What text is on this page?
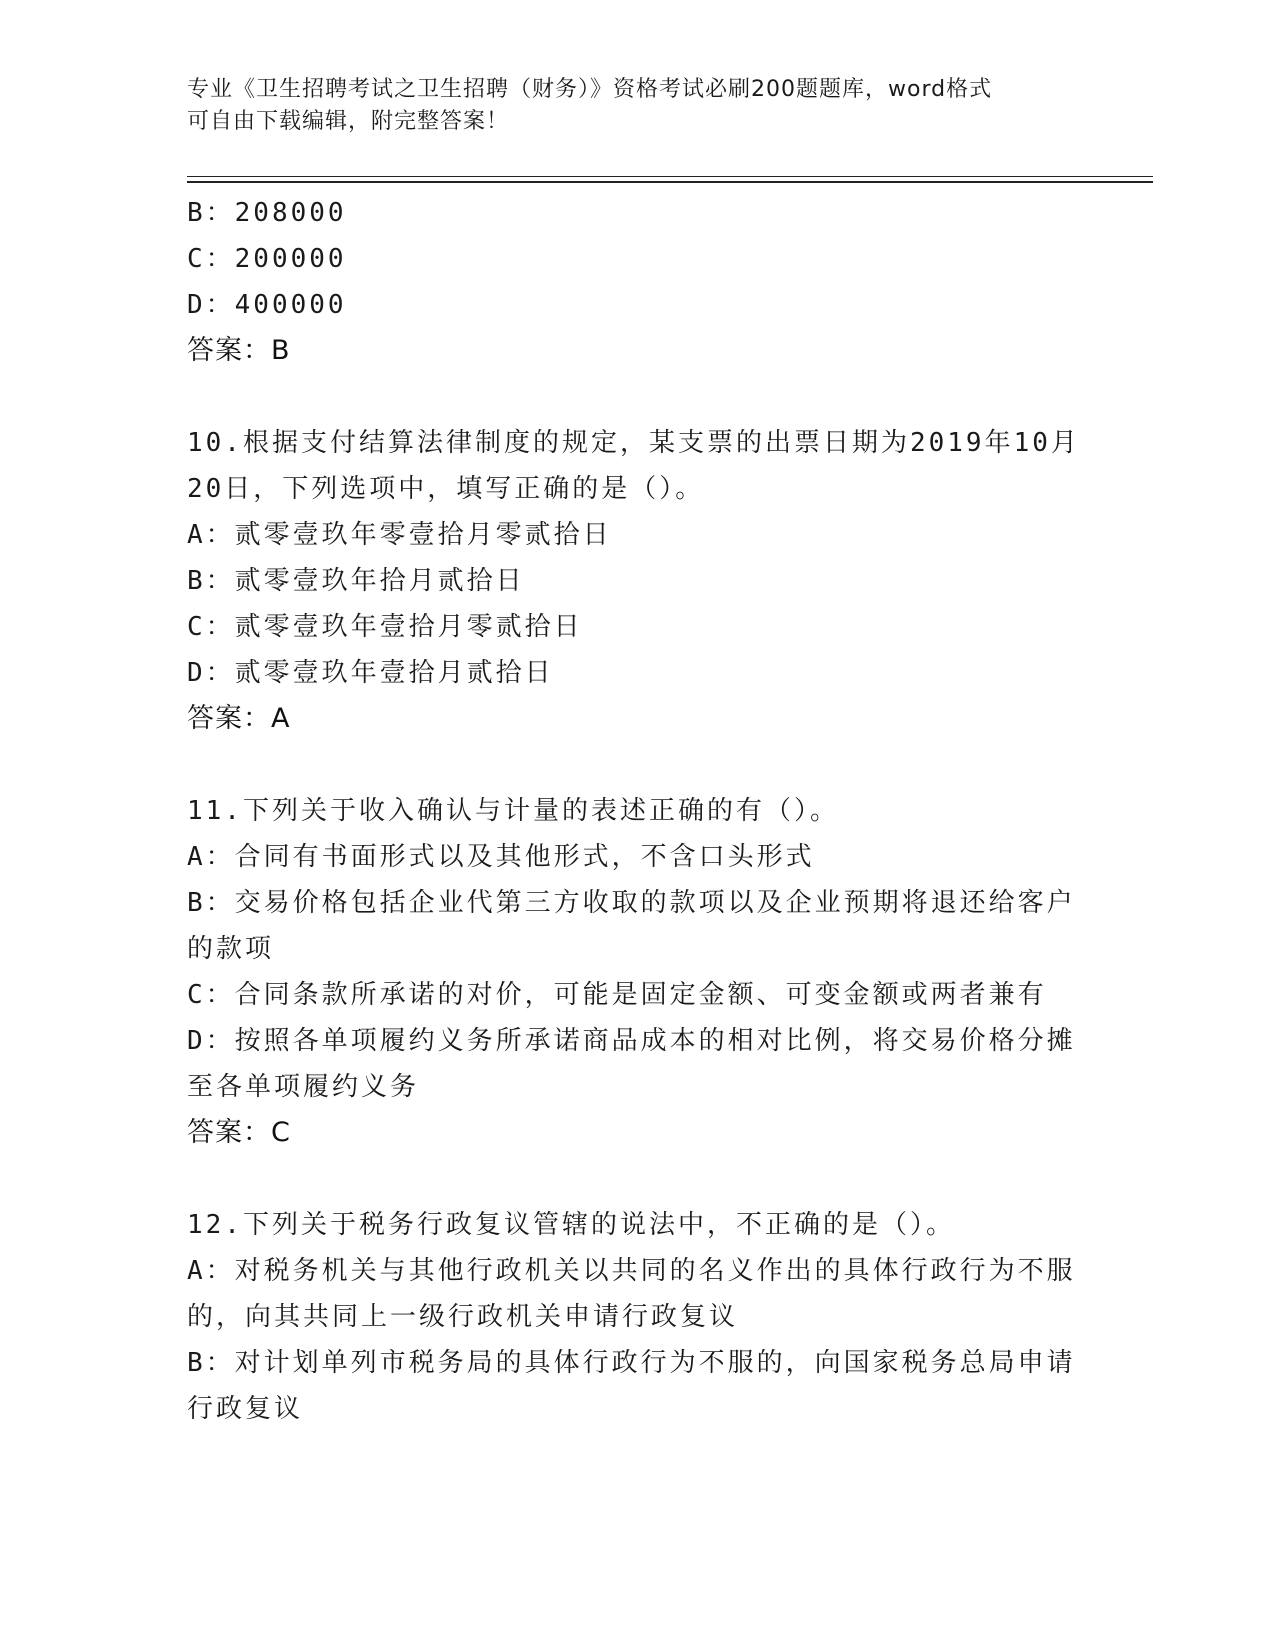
专业《卫生招聘考试之卫生招聘（财务）》资格考试必刷200题题库，word格式
可自由下载编辑，附完整答案！
B：208000
C：200000
D：400000
答案：B
10.根据支付结算法律制度的规定，某支票的出票日期为2019年10月
20日，下列选项中，填写正确的是（）。
A：贰零壹玖年零壹拾月零贰拾日
B：贰零壹玖年拾月贰拾日
C：贰零壹玖年壹拾月零贰拾日
D：贰零壹玖年壹拾月贰拾日
答案：A
11.下列关于收入确认与计量的表述正确的有（）。
A：合同有书面形式以及其他形式，不含口头形式
B：交易价格包括企业代第三方收取的款项以及企业预期将退还给客户
的款项
C：合同条款所承诺的对价，可能是固定金额、可变金额或两者兼有
D：按照各单项履约义务所承诺商品成本的相对比例，将交易价格分摊
至各单项履约义务
答案：C
12.下列关于税务行政复议管辖的说法中，不正确的是（）。
A：对税务机关与其他行政机关以共同的名义作出的具体行政行为不服
的，向其共同上一级行政机关申请行政复议
B：对计划单列市税务局的具体行政行为不服的，向国家税务总局申请
行政复议
